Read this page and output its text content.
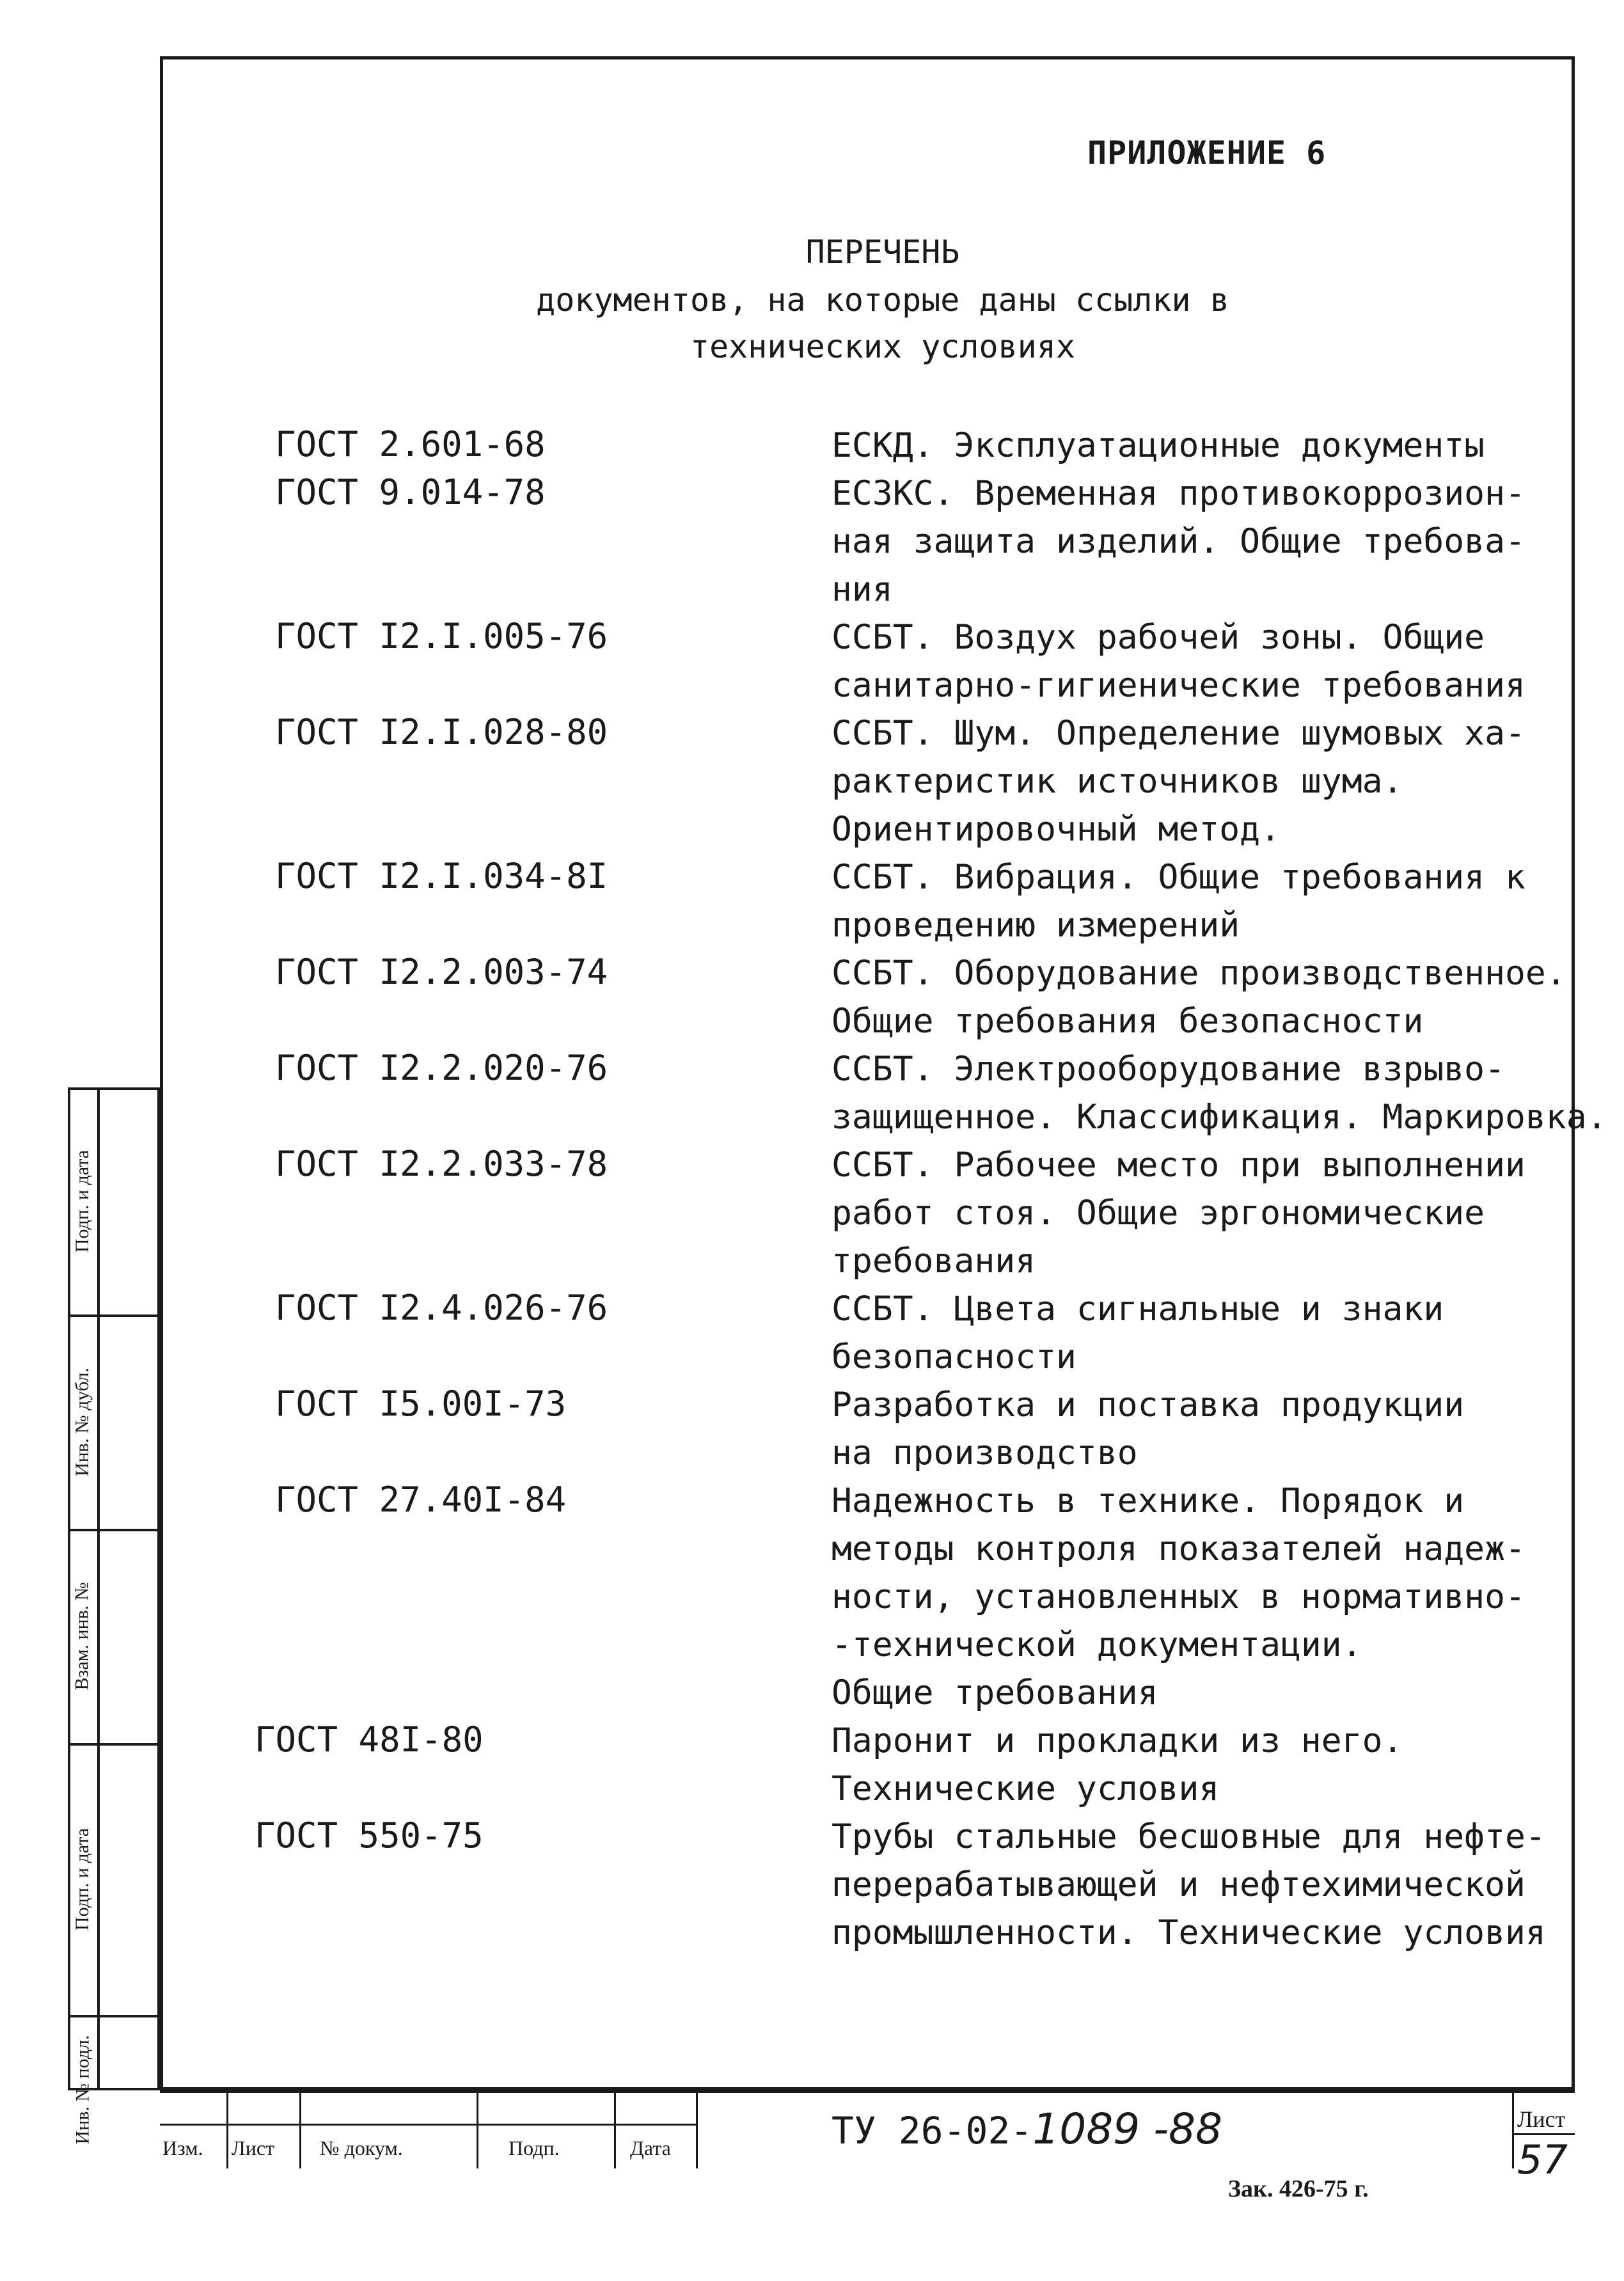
ПРИЛОЖЕНИЕ 6
ПЕРЕЧЕНЬ
документов, на которые даны ссылки в
технических условиях
ГОСТ 2.601-68	ЕСКД. Эксплуатационные документы
ГОСТ 9.014-78	ЕСЗКС. Временная противокоррозион-
ная защита изделий. Общие требова-
ния
ГОСТ I2.I.005-76	ССБТ. Воздух рабочей зоны. Общие
санитарно-гигиенические требования
ГОСТ I2.I.028-80	ССБТ. Шум. Определение шумовых ха-
рактеристик источников шума.
Ориентировочный метод.
ГОСТ I2.I.034-8I	ССБТ. Вибрация. Общие требования к
проведению измерений
ГОСТ I2.2.003-74	ССБТ. Оборудование производственное.
Общие требования безопасности
ГОСТ I2.2.020-76	ССБТ. Электрооборудование взрыво-
защищенное. Классификация. Маркировка.
ГОСТ I2.2.033-78	ССБТ. Рабочее место при выполнении
работ стоя. Общие эргономические
требования
ГОСТ I2.4.026-76	ССБТ. Цвета сигнальные и знаки
безопасности
ГОСТ I5.00I-73	Разработка и поставка продукции
на производство
ГОСТ 27.40I-84	Надежность в технике. Порядок и
методы контроля показателей надеж-
ности, установленных в нормативно-
-технической документации.
Общие требования
ГОСТ 48I-80	Паронит и прокладки из него.
Технические условия
ГОСТ 550-75	Трубы стальные бесшовные для нефте-
перерабатывающей и нефтехимической
промышленности. Технические условия
Подп. и дата
Инв. № дубл.
Взам. инв. №
Подп. и дата
Инв. № подл.
Изм. Лист № докум.	Подп.	Дата	ТУ 26-02-1089 -88	Лист
57
Зак. 426-75 г.
